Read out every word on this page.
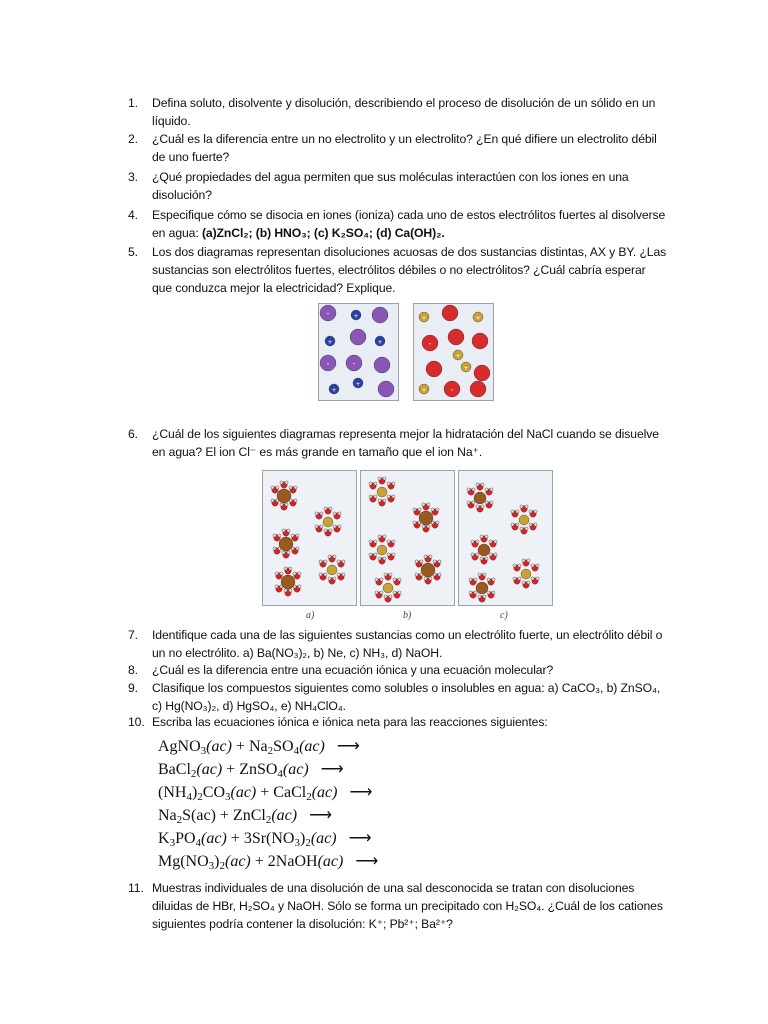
1.	Defina soluto, disolvente y disolución, describiendo el proceso de disolución de un sólido en un líquido.
2.	¿Cuál es la diferencia entre un no electrolito y un electrolito? ¿En qué difiere un electrolito débil de uno fuerte?
3.	¿Qué propiedades del agua permiten que sus moléculas interactúen con los iones en una disolución?
4.	Especifique cómo se disocia en iones (ioniza) cada uno de estos electrólitos fuertes al disolverse en agua: (a)ZnCl₂; (b) HNO₃; (c) K₂SO₄; (d) Ca(OH)₂.
5.	Los dos diagramas representan disoluciones acuosas de dos sustancias distintas, AX y BY. ¿Las sustancias son electrólitos fuertes, electrólitos débiles o no electrólitos? ¿Cuál cabría esperar que conduzca mejor la electricidad? Explique.
-	+
+	+
-	-
+
+
+	+
-
+
+
+	-
6.	¿Cuál de los siguientes diagramas representa mejor la hidratación del NaCl cuando se disuelve en agua? El ion Cl⁻ es más grande en tamaño que el ion Na⁺.
a)	b)	c)
7.	Identifique cada una de las siguientes sustancias como un electrólito fuerte, un electrólito débil o un no electrólito. a) Ba(NO₃)₂, b) Ne, c) NH₃, d) NaOH.
8.	¿Cuál es la diferencia entre una ecuación iónica y una ecuación molecular?
9.	Clasifique los compuestos siguientes como solubles o insolubles en agua: a) CaCO₃, b) ZnSO₄, c) Hg(NO₃)₂, d) HgSO₄, e) NH₄ClO₄.
10. Escriba las ecuaciones iónica e iónica neta para las reacciones siguientes:
AgNO$_3$(ac) + $Na_2SO_4(ac)$ ⟶
BaCl$_2$(ac) + ZnSO$_4$(ac) ⟶
$(NH_4)_2CO_3(ac)$ + CaCl$_2$(ac) ⟶
$Na_2S(ac)$ + ZnCl$_2$(ac) ⟶
$K_3PO_4(ac) + 3Sr(NO_3)_2(ac)$ ⟶
$Mg(NO_3)_2(ac)$ + 2NaOH(ac) ⟶
11. Muestras individuales de una disolución de una sal desconocida se tratan con disoluciones diluidas de HBr, H₂SO₄ y NaOH. Sólo se forma un precipitado con H₂SO₄. ¿Cuál de los cationes siguientes podría contener la disolución: K⁺; Pb²⁺; Ba²⁺?
